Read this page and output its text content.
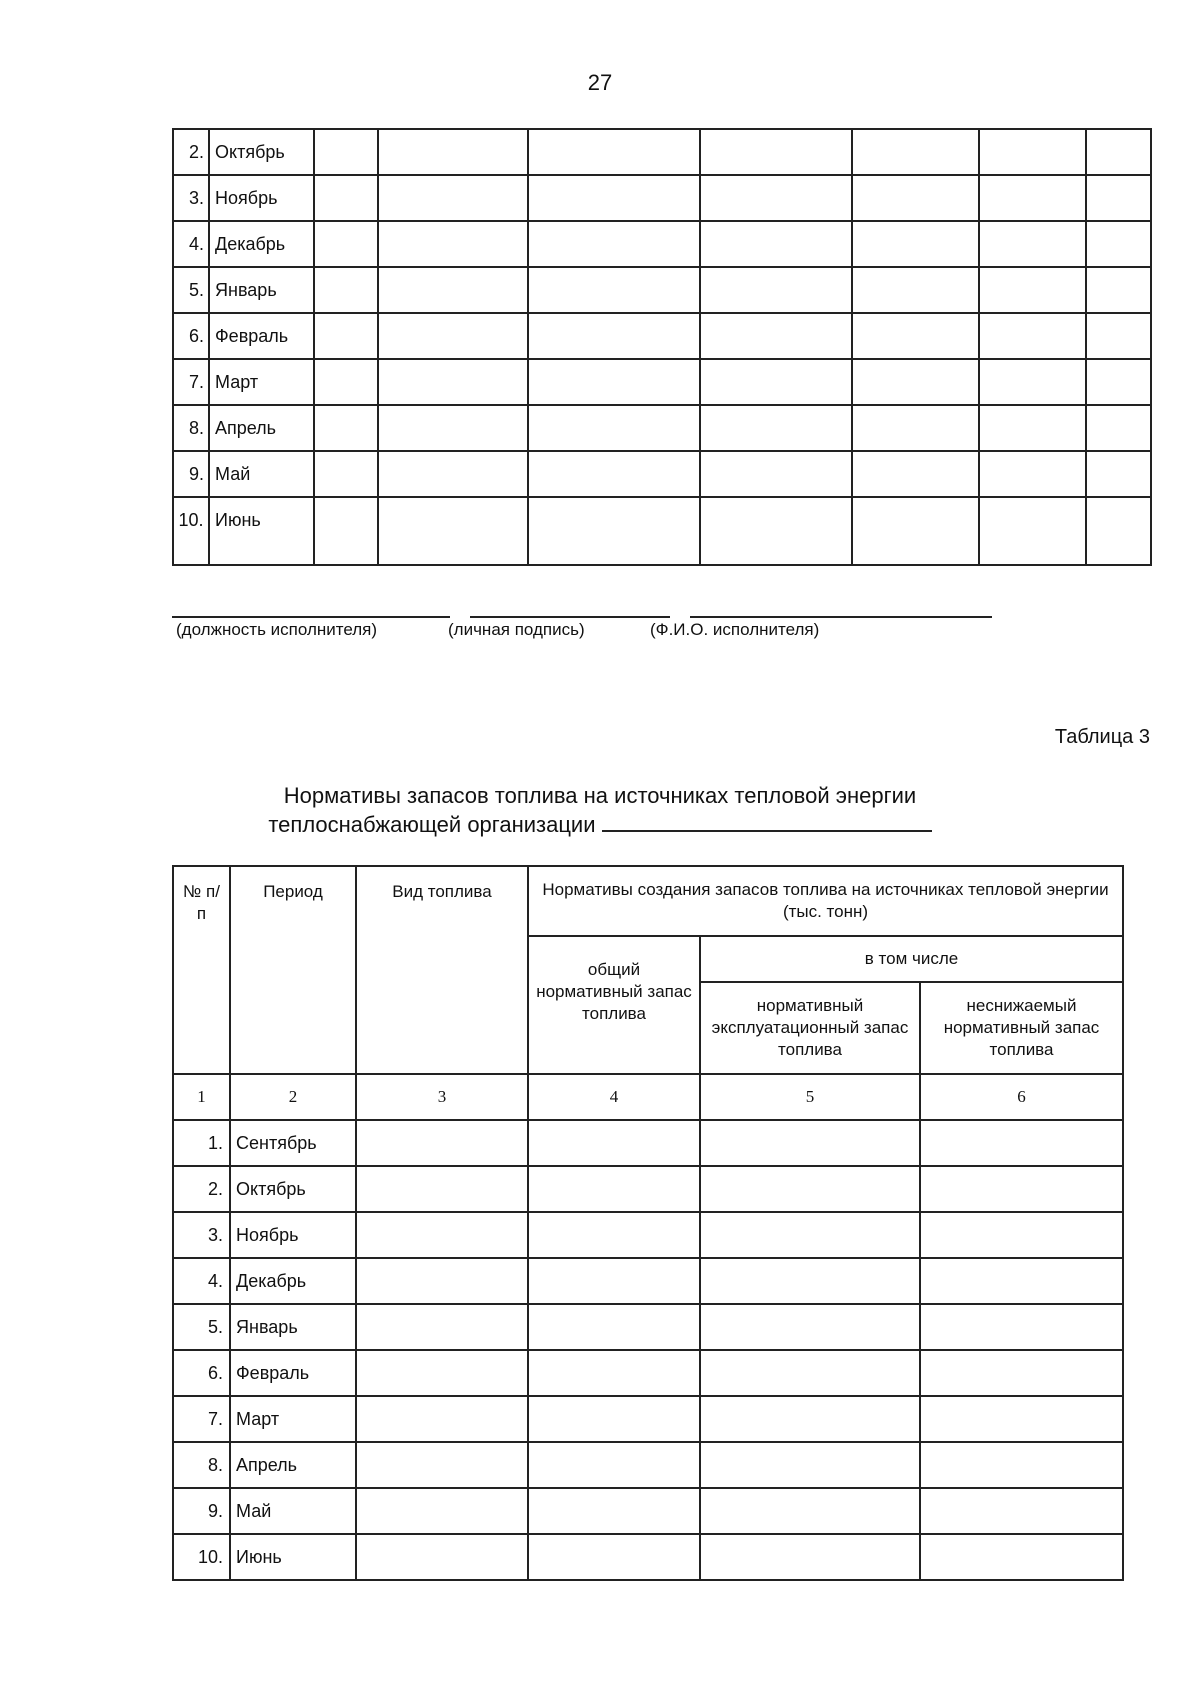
27
2.	Октябрь							
3.	Ноябрь							
4.	Декабрь							
5.	Январь							
6.	Февраль							
7.	Март							
8.	Апрель							
9.	Май							
10.	Июнь							
(должность исполнителя)	(личная подпись)	(Ф.И.О. исполнителя)
Таблица 3
Нормативы запасов топлива на источниках тепловой энергии
теплоснабжающей организации
№ п/п	Период	Вид топлива	Нормативы создания запасов топлива на источниках тепловой энергии (тыс. тонн)		
			общий нормативный запас топлива	в том числе	
				нормативный эксплуатационный запас топлива	неснижаемый нормативный запас топлива
1	2	3	4	5	6
1.	Сентябрь				
2.	Октябрь				
3.	Ноябрь				
4.	Декабрь				
5.	Январь				
6.	Февраль				
7.	Март				
8.	Апрель				
9.	Май				
10.	Июнь				
